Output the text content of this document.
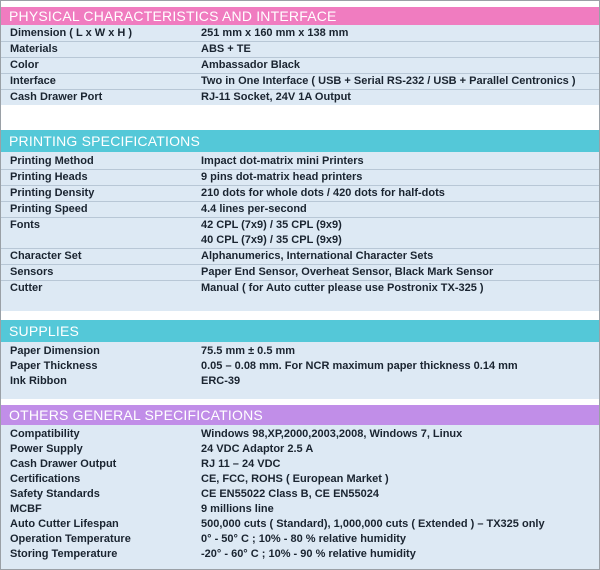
PHYSICAL CHARACTERISTICS AND INTERFACE
Dimension ( L x W x H )	251 mm x 160 mm x 138 mm
Materials	ABS + TE
Color	Ambassador Black
Interface	Two in One Interface ( USB + Serial RS-232 / USB + Parallel Centronics )
Cash Drawer Port	RJ-11 Socket, 24V 1A Output
PRINTING SPECIFICATIONS
Printing Method	Impact dot-matrix mini Printers
Printing Heads	9 pins dot-matrix head printers
Printing Density	210 dots for whole dots / 420 dots for half-dots
Printing Speed	4.4 lines per-second
Fonts	42 CPL (7x9) / 35 CPL (9x9)
40 CPL (7x9) / 35 CPL (9x9)
Character Set	Alphanumerics, International Character Sets
Sensors	Paper End Sensor, Overheat Sensor, Black Mark Sensor
Cutter	Manual ( for Auto cutter please use Postronix TX-325 )
SUPPLIES
Paper Dimension	75.5 mm ± 0.5 mm
Paper Thickness	0.05 – 0.08 mm. For NCR maximum paper thickness 0.14 mm
Ink Ribbon	ERC-39
OTHERS GENERAL SPECIFICATIONS
Compatibility	Windows 98,XP,2000,2003,2008, Windows 7, Linux
Power Supply	24 VDC Adaptor 2.5 A
Cash Drawer Output	RJ 11 – 24 VDC
Certifications	CE, FCC, ROHS ( European Market )
Safety Standards	CE EN55022 Class B, CE EN55024
MCBF	9 millions line
Auto Cutter Lifespan	500,000 cuts ( Standard), 1,000,000 cuts ( Extended ) – TX325 only
Operation Temperature	0° - 50° C ; 10% - 80 % relative humidity
Storing Temperature	-20° - 60° C ; 10% - 90 % relative humidity
